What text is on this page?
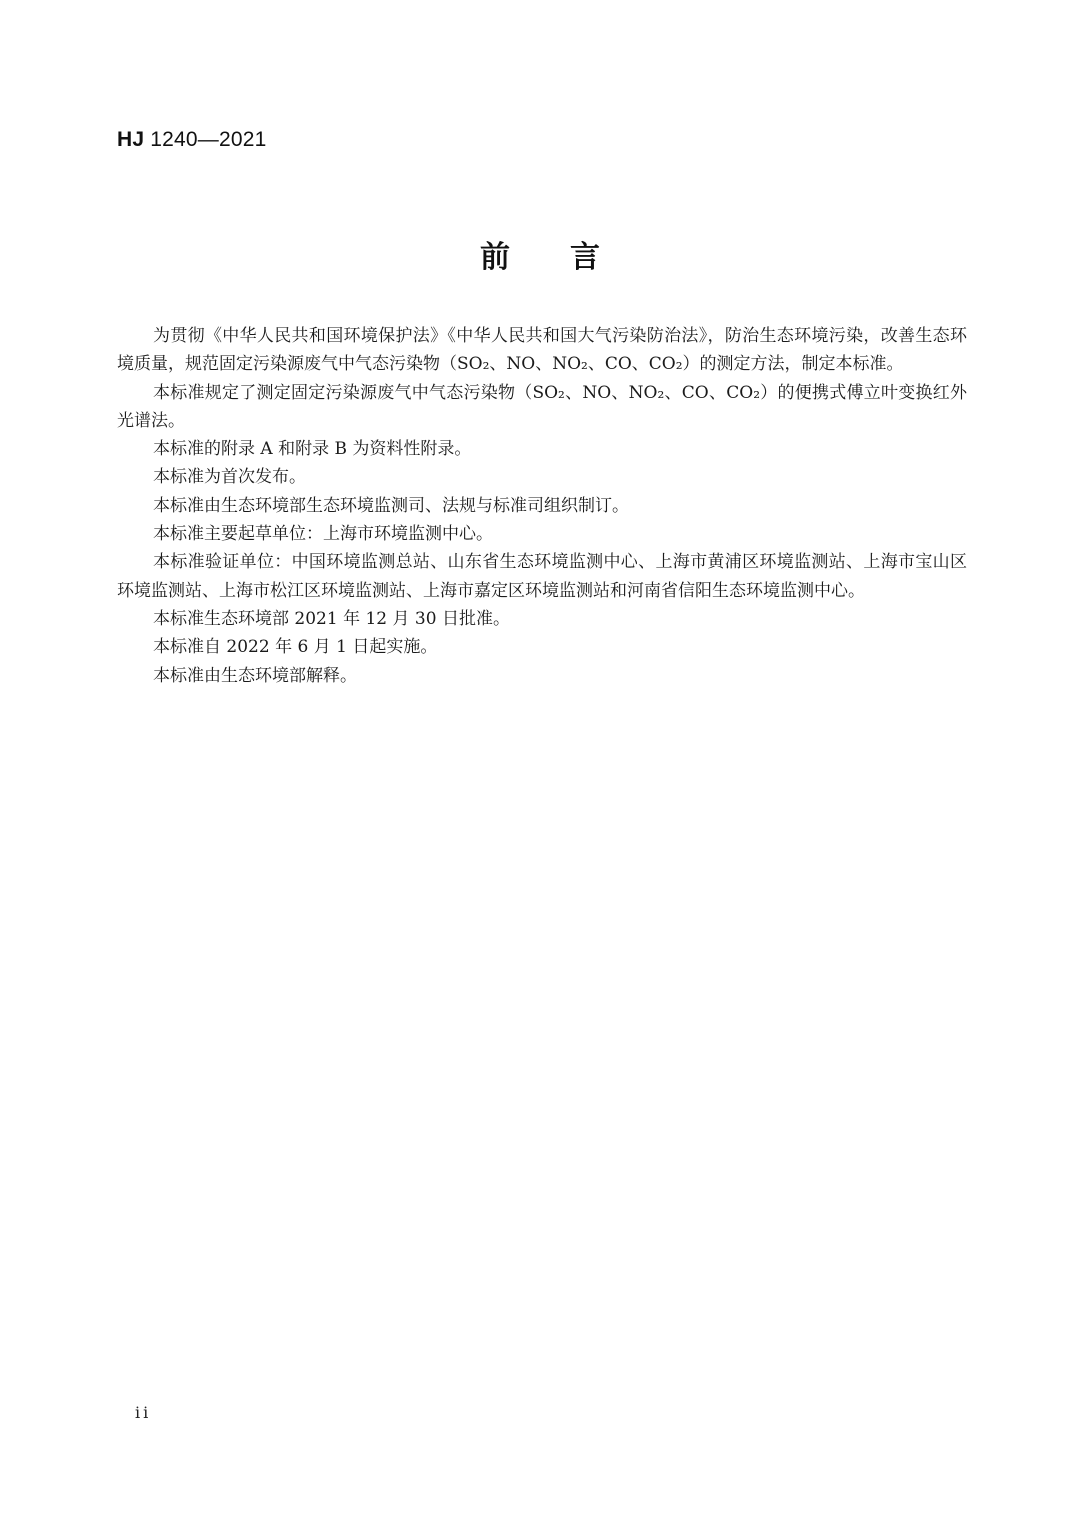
HJ 1240—2021
前言

为贯彻《中华人民共和国环境保护法》《中华人民共和国大气污染防治法》，防治生态环境污染，改善生态环境质量，规范固定污染源废气中气态污染物（SO₂、NO、NO₂、CO、CO₂）的测定方法，制定本标准。

本标准规定了测定固定污染源废气中气态污染物（SO₂、NO、NO₂、CO、CO₂）的便携式傅立叶变换红外光谱法。

本标准的附录 A 和附录 B 为资料性附录。

本标准为首次发布。

本标准由生态环境部生态环境监测司、法规与标准司组织制订。

本标准主要起草单位：上海市环境监测中心。

本标准验证单位：中国环境监测总站、山东省生态环境监测中心、上海市黄浦区环境监测站、上海市宝山区环境监测站、上海市松江区环境监测站、上海市嘉定区环境监测站和河南省信阳生态环境监测中心。

本标准生态环境部 2021 年 12 月 30 日批准。

本标准自 2022 年 6 月 1 日起实施。

本标准由生态环境部解释。

ii
